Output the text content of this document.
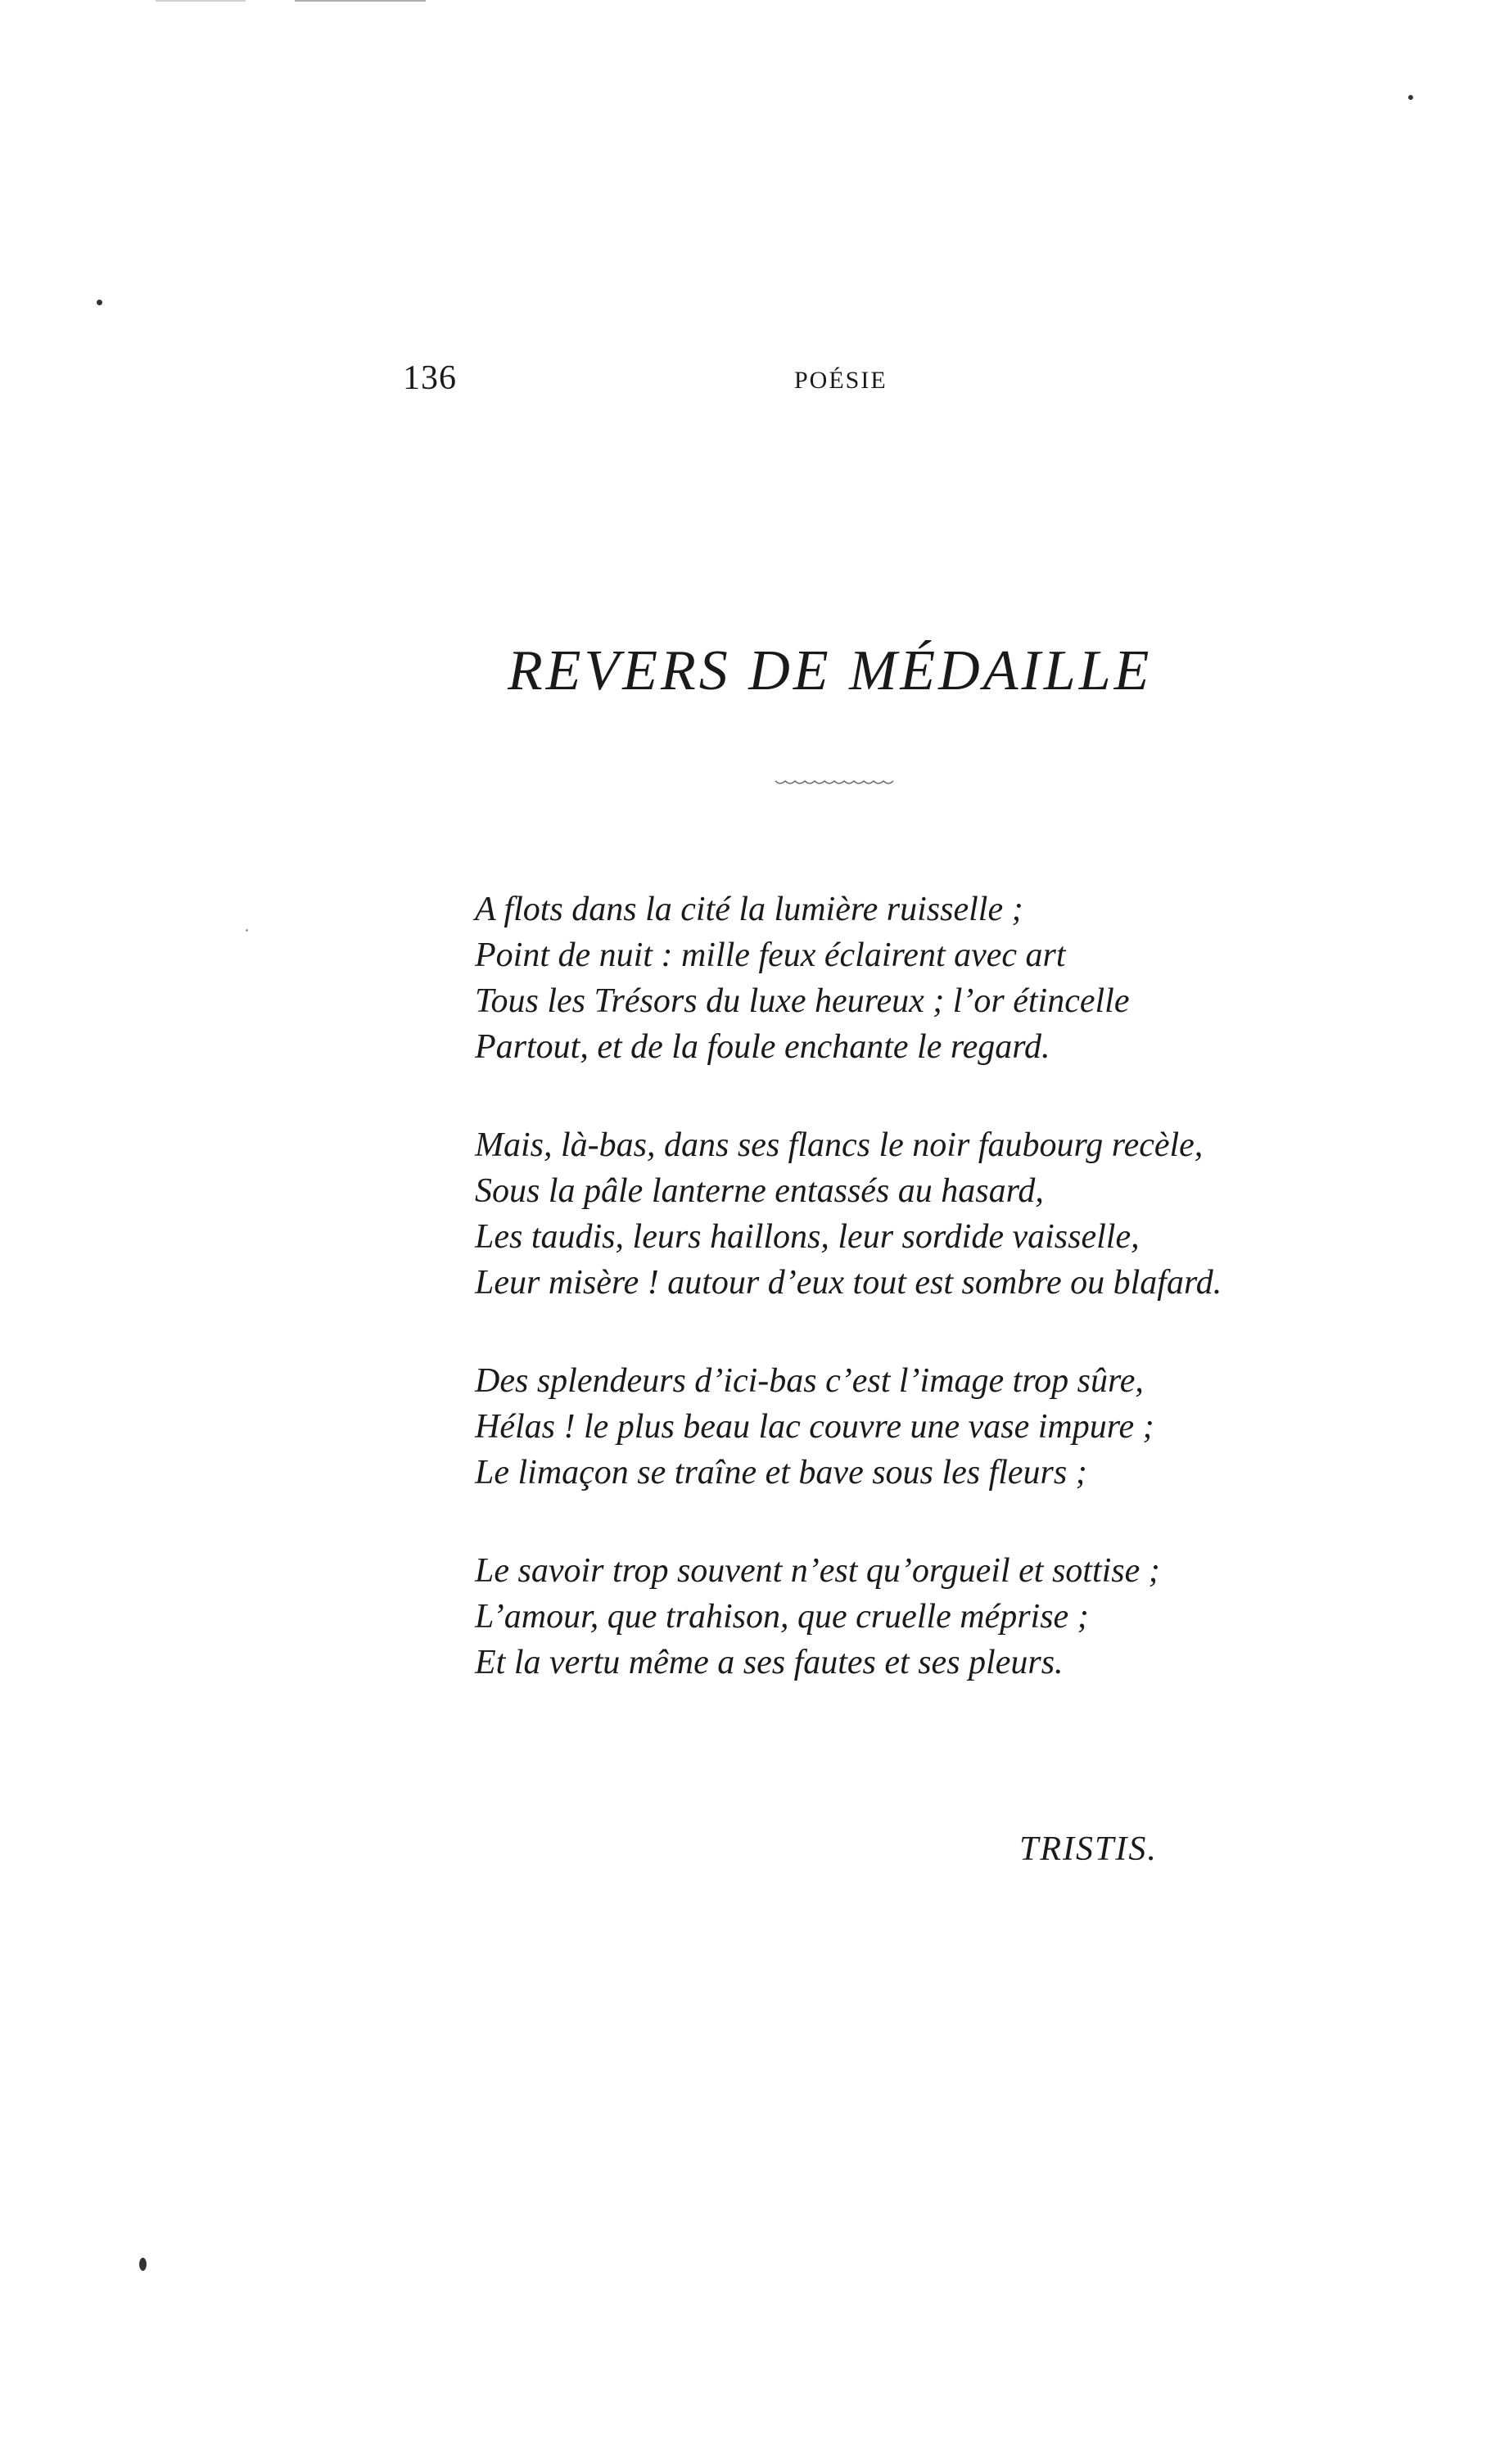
136	POÉSIE
REVERS DE MÉDAILLE
A flots dans la cité la lumière ruisselle ;
Point de nuit : mille feux éclairent avec art
Tous les Trésors du luxe heureux ; l’or étincelle
Partout, et de la foule enchante le regard.
Mais, là-bas, dans ses flancs le noir faubourg recèle,
Sous la pâle lanterne entassés au hasard,
Les taudis, leurs haillons, leur sordide vaisselle,
Leur misère ! autour d’eux tout est sombre ou blafard.
Des splendeurs d’ici-bas c’est l’image trop sûre,
Hélas ! le plus beau lac couvre une vase impure ;
Le limaçon se traîne et bave sous les fleurs ;
Le savoir trop souvent n’est qu’orgueil et sottise ;
L’amour, que trahison, que cruelle méprise ;
Et la vertu même a ses fautes et ses pleurs.
TRISTIS.
